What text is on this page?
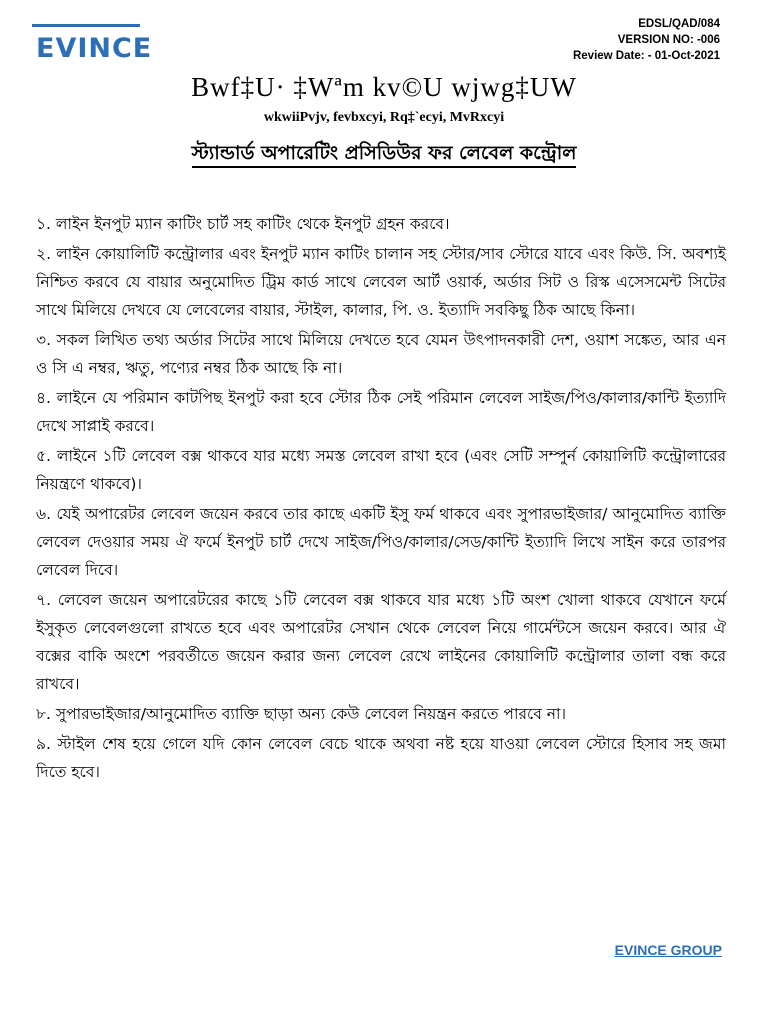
EVINCE
EDSL/QAD/084
VERSION NO: -006
Review Date: - 01-Oct-2021
Bwf‡U· ‡Wªm kv©U wjwg‡UW
wkwiiPvjv, fevbxcyi, Rq‡`ecyi, MvRxcyi
স্ট্যান্ডার্ড অপারেটিং প্রসিডিউর ফর লেবেল কন্ট্রোল

১. লাইন ইনপুট ম্যান কাটিং চার্ট সহ কাটিং থেকে ইনপুট গ্রহন করবে।

২. লাইন কোয়ালিটি কন্ট্রোলার এবং ইনপুট ম্যান কাটিং চালান সহ স্টোর/সাব স্টোরে যাবে এবং কিউ. সি. অবশ্যই নিশ্চিত করবে যে বায়ার অনুমোদিত ট্রিম কার্ড সাথে লেবেল আর্ট ওয়ার্ক, অর্ডার সিট ও রিস্ক এসেসমেন্ট সিটের সাথে মিলিয়ে দেখবে যে লেবেলের বায়ার, স্টাইল, কালার, পি. ও. ইত্যাদি সবকিছু ঠিক আছে কিনা।

৩. সকল লিখিত তথ্য অর্ডার সিটের সাথে মিলিয়ে দেখতে হবে যেমন উৎপাদনকারী দেশ, ওয়াশ সঙ্কেত, আর এন ও সি এ নম্বর, ঋতু, পণ্যের নম্বর ঠিক আছে কি না।

৪. লাইনে যে পরিমান কাটপিছ ইনপুট করা হবে স্টোর ঠিক সেই পরিমান লেবেল সাইজ/পিও/কালার/কান্টি ইত্যাদি দেখে সাপ্লাই করবে।

৫. লাইনে ১টি লেবেল বক্স থাকবে যার মধ্যে সমস্ত লেবেল রাখা হবে (এবং সেটি সম্পুর্ন কোয়ালিটি কন্ট্রোলারের নিয়ন্ত্রণে থাকবে)।

৬. যেই অপারেটর লেবেল জয়েন করবে তার কাছে একটি ইসু ফর্ম থাকবে এবং সুপারভাইজার/ আনুমোদিত ব্যাক্তি লেবেল দেওয়ার সময় ঐ ফর্মে ইনপুট চার্ট দেখে সাইজ/পিও/কালার/সেড/কান্টি ইত্যাদি লিখে সাইন করে তারপর লেবেল দিবে।

৭. লেবেল জয়েন অপারেটরের কাছে ১টি লেবেল বক্স থাকবে যার মধ্যে ১টি অংশ খোলা থাকবে যেখানে ফর্মে ইসুকৃত লেবেলগুলো রাখতে হবে এবং অপারেটর সেখান থেকে লেবেল নিয়ে গার্মেন্টসে জয়েন করবে। আর ঐ বক্সের বাকি অংশে পরবর্তীতে জয়েন করার জন্য লেবেল রেখে লাইনের কোয়ালিটি কন্ট্রোলার তালা বন্ধ করে রাখবে।

৮. সুপারভাইজার/আনুমোদিত ব্যাক্তি ছাড়া অন্য কেউ লেবেল নিয়ন্ত্রন করতে পারবে না।

৯. স্টাইল শেষ হয়ে গেলে যদি কোন লেবেল বেচে থাকে অথবা নষ্ট হয়ে যাওয়া লেবেল স্টোরে হিসাব সহ জমা দিতে হবে।

EVINCE GROUP
